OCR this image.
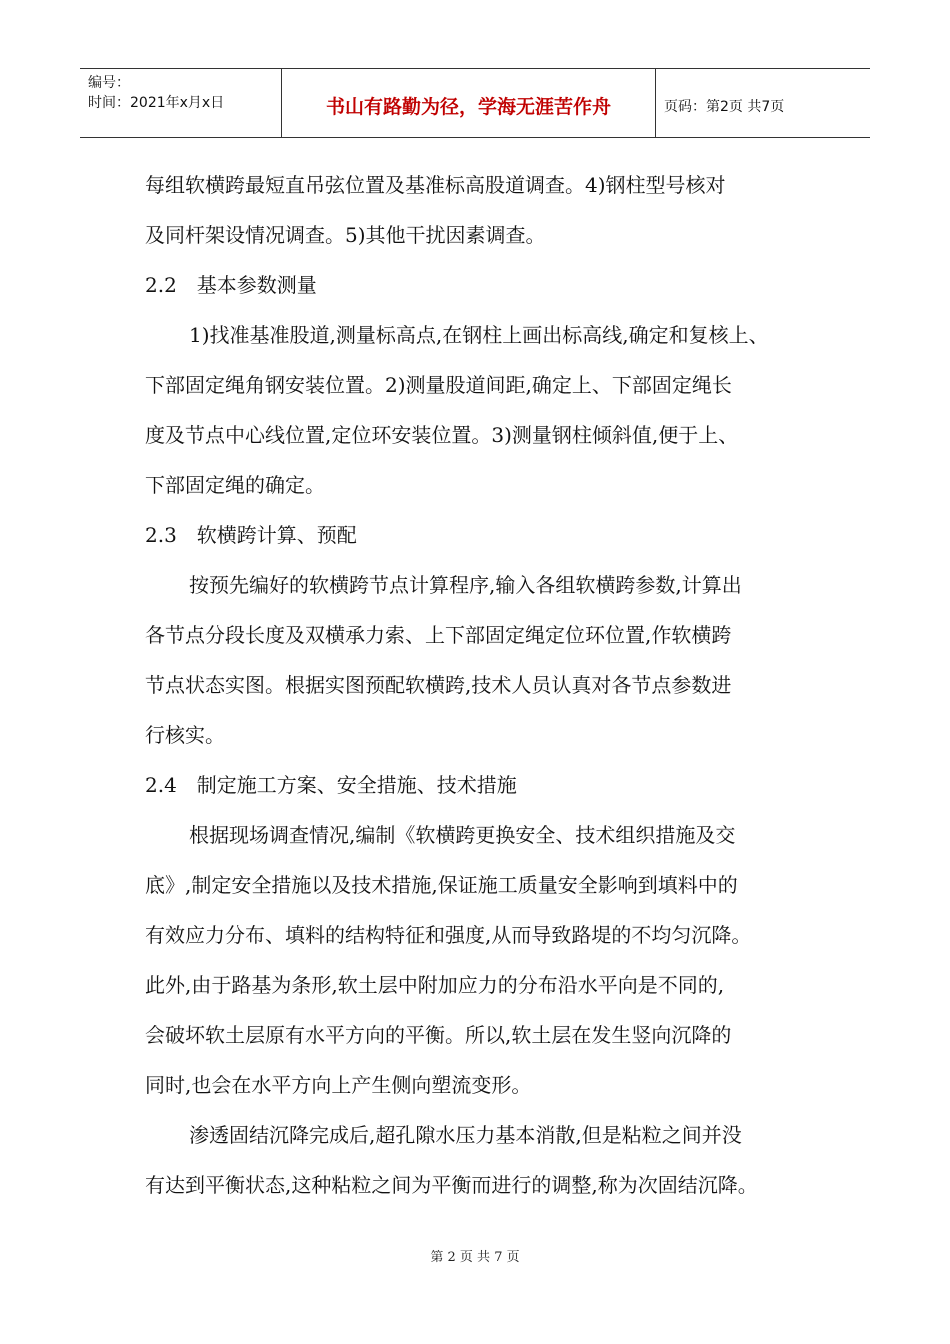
编号：
时间：2021年x月x日	书山有路勤为径，学海无涯苦作舟	页码：第2页 共7页
每组软横跨最短直吊弦位置及基准标高股道调查。4)钢柱型号核对
及同杆架设情况调查。5)其他干扰因素调查。
2.2　基本参数测量
1)找准基准股道,测量标高点,在钢柱上画出标高线,确定和复核上、
下部固定绳角钢安装位置。2)测量股道间距,确定上、下部固定绳长
度及节点中心线位置,定位环安装位置。3)测量钢柱倾斜值,便于上、
下部固定绳的确定。
2.3　软横跨计算、预配
按预先编好的软横跨节点计算程序,输入各组软横跨参数,计算出
各节点分段长度及双横承力索、上下部固定绳定位环位置,作软横跨
节点状态实图。根据实图预配软横跨,技术人员认真对各节点参数进
行核实。
2.4　制定施工方案、安全措施、技术措施
根据现场调查情况,编制《软横跨更换安全、技术组织措施及交
底》,制定安全措施以及技术措施,保证施工质量安全影响到填料中的
有效应力分布、填料的结构特征和强度,从而导致路堤的不均匀沉降。
此外,由于路基为条形,软土层中附加应力的分布沿水平向是不同的,
会破坏软土层原有水平方向的平衡。所以,软土层在发生竖向沉降的
同时,也会在水平方向上产生侧向塑流变形。
渗透固结沉降完成后,超孔隙水压力基本消散,但是粘粒之间并没
有达到平衡状态,这种粘粒之间为平衡而进行的调整,称为次固结沉降。
第 2 页 共 7 页
